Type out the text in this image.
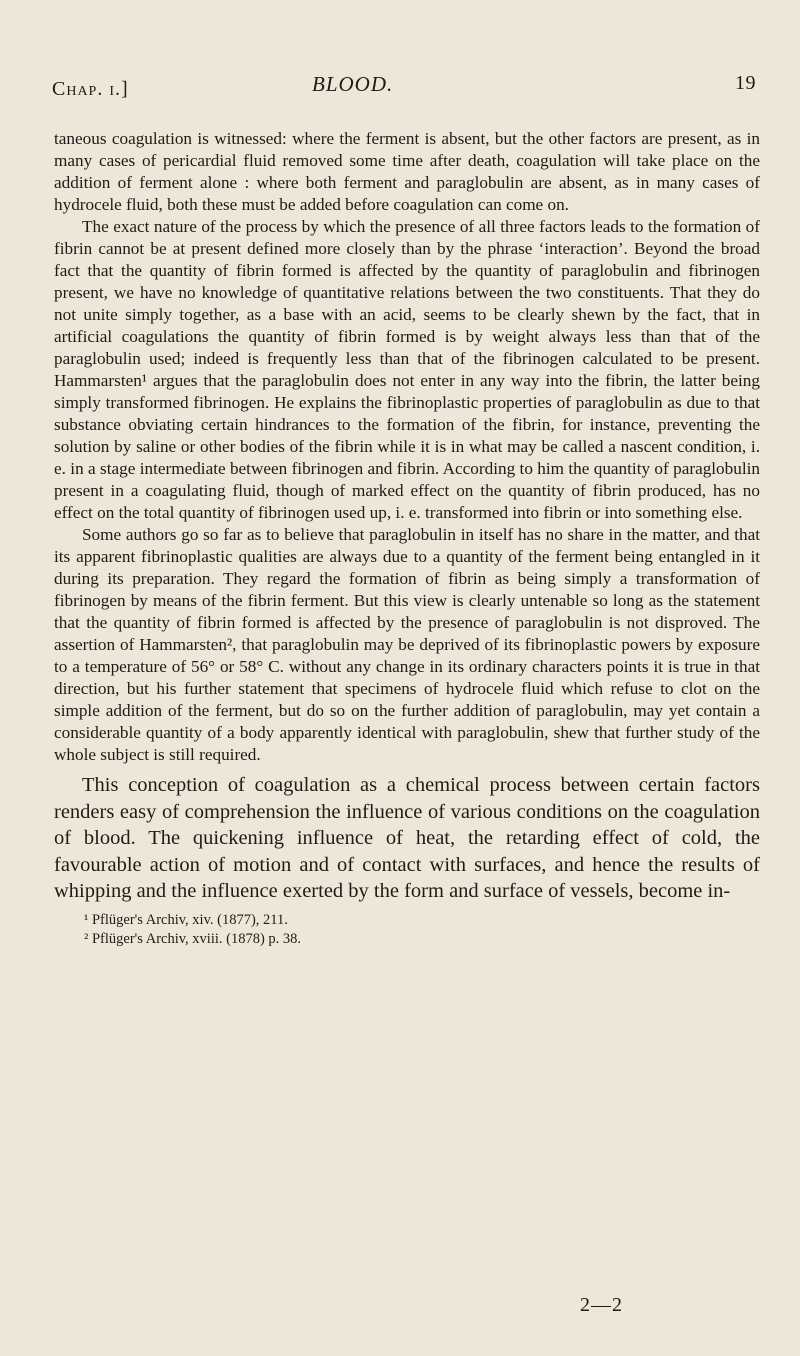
Chap. i.]	BLOOD.	19

taneous coagulation is witnessed: where the ferment is absent, but the other factors are present, as in many cases of pericardial fluid removed some time after death, coagulation will take place on the addition of ferment alone : where both ferment and paraglobulin are absent, as in many cases of hydrocele fluid, both these must be added before coagulation can come on.

The exact nature of the process by which the presence of all three factors leads to the formation of fibrin cannot be at present defined more closely than by the phrase ‘interaction’. Beyond the broad fact that the quantity of fibrin formed is affected by the quantity of paraglobulin and fibrinogen present, we have no knowledge of quantitative relations between the two constituents. That they do not unite simply together, as a base with an acid, seems to be clearly shewn by the fact, that in artificial coagulations the quantity of fibrin formed is by weight always less than that of the paraglobulin used; indeed is frequently less than that of the fibrinogen calculated to be present. Hammarsten¹ argues that the paraglobulin does not enter in any way into the fibrin, the latter being simply transformed fibrinogen. He explains the fibrinoplastic properties of paraglobulin as due to that substance obviating certain hindrances to the formation of the fibrin, for instance, preventing the solution by saline or other bodies of the fibrin while it is in what may be called a nascent condition, i. e. in a stage intermediate between fibrinogen and fibrin. According to him the quantity of paraglobulin present in a coagulating fluid, though of marked effect on the quantity of fibrin produced, has no effect on the total quantity of fibrinogen used up, i. e. transformed into fibrin or into something else.

Some authors go so far as to believe that paraglobulin in itself has no share in the matter, and that its apparent fibrinoplastic qualities are always due to a quantity of the ferment being entangled in it during its preparation. They regard the formation of fibrin as being simply a transformation of fibrinogen by means of the fibrin ferment. But this view is clearly untenable so long as the statement that the quantity of fibrin formed is affected by the presence of paraglobulin is not disproved. The assertion of Hammarsten², that paraglobulin may be deprived of its fibrinoplastic powers by exposure to a temperature of 56° or 58° C. without any change in its ordinary characters points it is true in that direction, but his further statement that specimens of hydrocele fluid which refuse to clot on the simple addition of the ferment, but do so on the further addition of paraglobulin, may yet contain a considerable quantity of a body apparently identical with paraglobulin, shew that further study of the whole subject is still required.

This conception of coagulation as a chemical process between certain factors renders easy of comprehension the influence of various conditions on the coagulation of blood. The quickening influence of heat, the retarding effect of cold, the favourable action of motion and of contact with surfaces, and hence the results of whipping and the influence exerted by the form and surface of vessels, become in-

¹ Pflüger's Archiv, xiv. (1877), 211.
² Pflüger's Archiv, xviii. (1878) p. 38.
2—2
